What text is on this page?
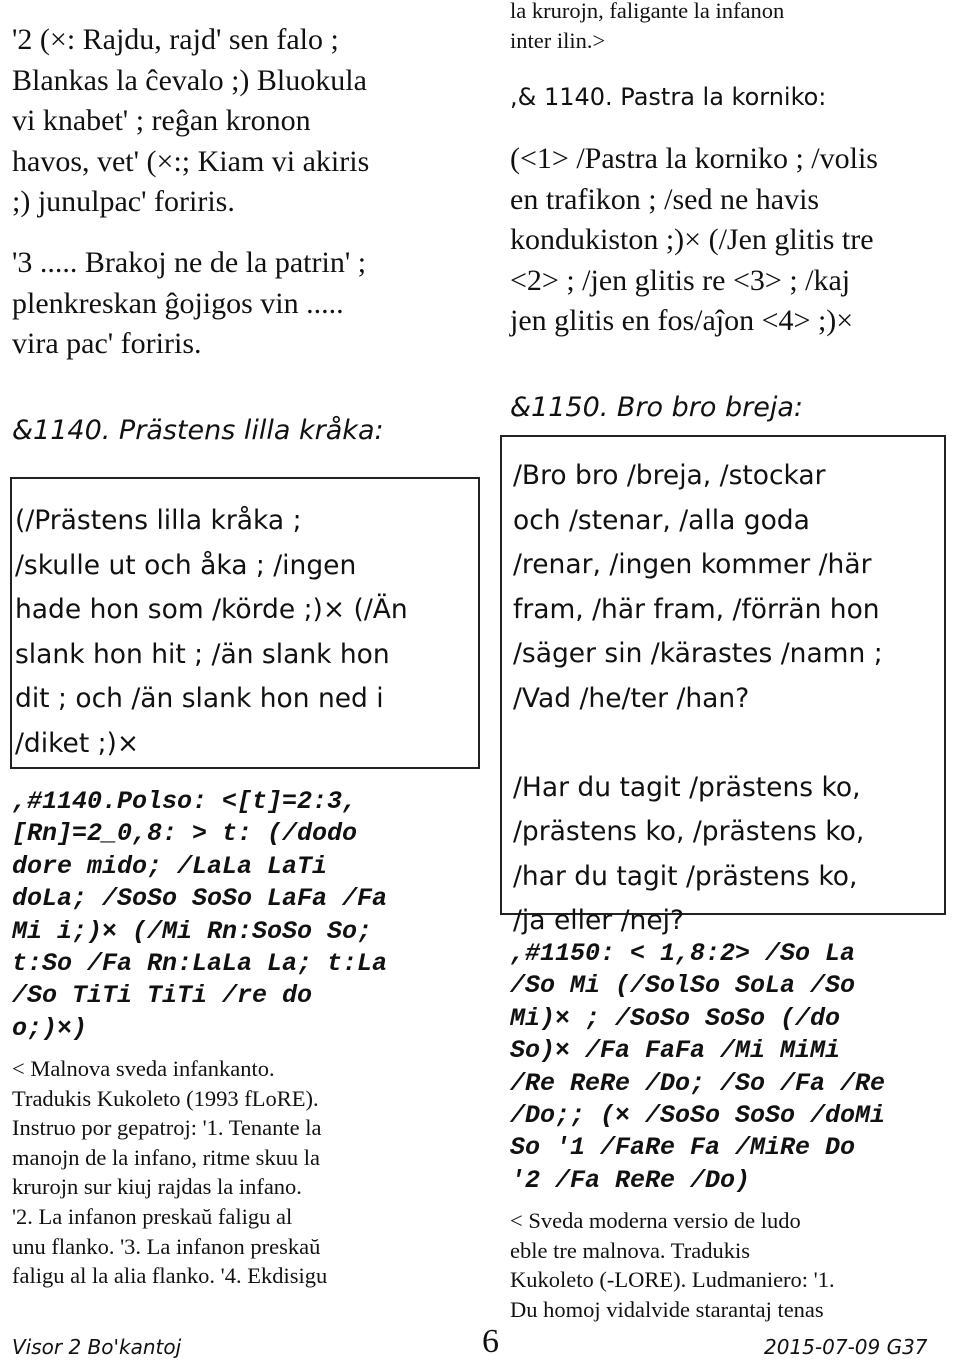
'2 (×: Rajdu, rajd' sen falo ;
Blankas la ĉevalo ;) Bluokula
vi knabet' ; reĝan kronon
havos, vet' (×:; Kiam vi akiris
;) junulpac' foriris.

'3 ..... Brakoj ne de la patrin' ;
plenkreskan ĝojigos vin .....
vira pac' foriris.

&1140. Prästens lilla kråka:

(/Prästens lilla kråka ;
/skulle ut och åka ; /ingen
hade hon som /körde ;)× (/Än
slank hon hit ; /än slank hon
dit ; och /än slank hon ned i
/diket ;)×

,#1140.Polso: <[t]=2:3,
[Rn]=2_0,8: > t: (/dodo
dore mido; /LaLa LaTi
doLa; /SoSo SoSo LaFa /Fa
Mi i;)× (/Mi Rn:SoSo So;
t:So /Fa Rn:LaLa La; t:La
/So TiTi TiTi /re do
o;)×)

< Malnova sveda infankanto.
Tradukis Kukoleto (1993 fLoRE).
Instruo por gepatroj: '1. Tenante la
manojn de la infano, ritme skuu la
krurojn sur kiuj rajdas la infano.
'2. La infanon preskaŭ faligu al
unu flanko. '3. La infanon preskaŭ
faligu al la alia flanko. '4. Ekdisigu

la krurojn, faligante la infanon
inter ilin.>

,& 1140. Pastra la korniko:

(<1> /Pastra la korniko ; /volis
en trafikon ; /sed ne havis
kondukiston ;)× (/Jen glitis tre
<2> ; /jen glitis re <3> ; /kaj
jen glitis en fos/aĵon <4> ;)×

&1150. Bro bro breja:

/Bro bro /breja, /stockar
och /stenar, /alla goda
/renar, /ingen kommer /här
fram, /här fram, /förrän hon
/säger sin /kärastes /namn ;
/Vad /he/ter /han?

/Har du tagit /prästens ko,
/prästens ko, /prästens ko,
/har du tagit /prästens ko,
/ja eller /nej?

,#1150: < 1,8:2> /So La
/So Mi (/SolSo SoLa /So
Mi)× ; /SoSo SoSo (/do
So)× /Fa FaFa /Mi MiMi
/Re ReRe /Do; /So /Fa /Re
/Do;; (× /SoSo SoSo /doMi
So '1 /FaRe Fa /MiRe Do
'2 /Fa ReRe /Do)

< Sveda moderna versio de ludo
eble tre malnova. Tradukis
Kukoleto (-LORE). Ludmaniero: '1.
Du homoj vidalvide starantaj tenas

Visor 2 Bo'kantoj	6	2015-07-09 G37
